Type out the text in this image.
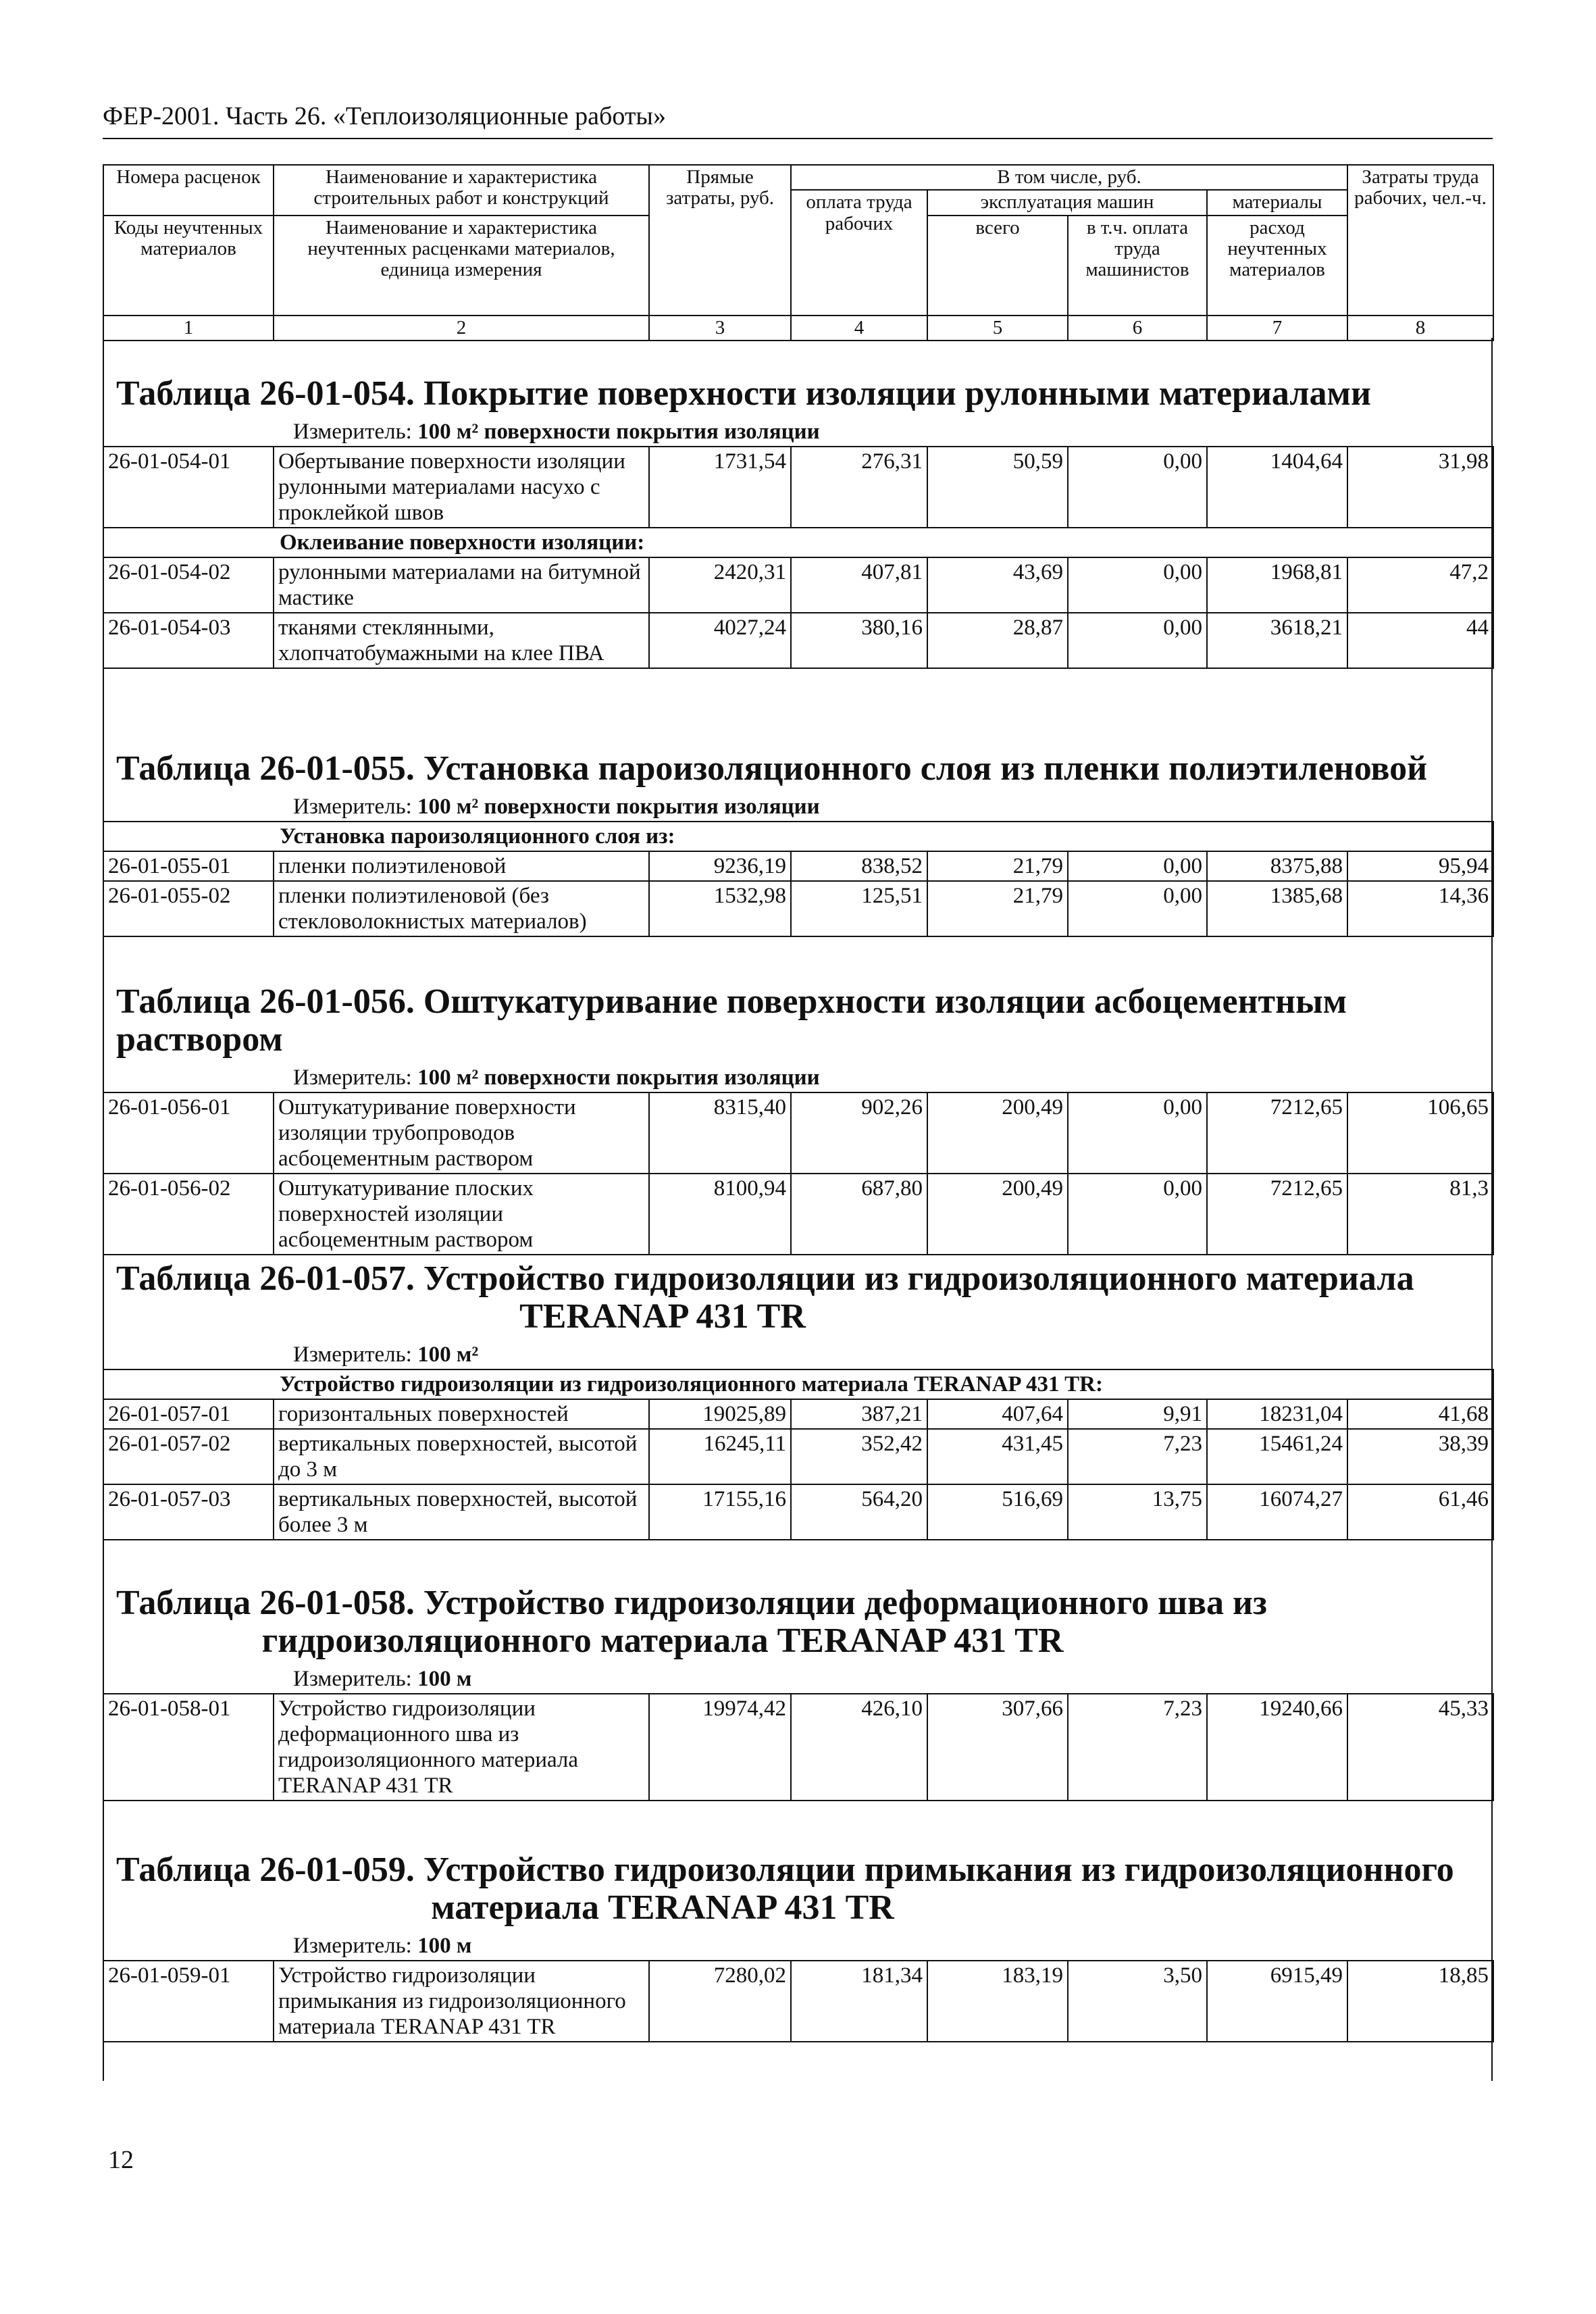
ФЕР-2001. Часть 26. «Теплоизоляционные работы»
Номера расценок	Наименование и характеристика строительных работ и конструкций	Прямые затраты, руб.	В том числе, руб.				Затраты труда рабочих, чел.-ч.
			оплата труда рабочих	эксплуатация машин		материалы	
Коды неучтенных материалов	Наименование и характеристика неучтенных расценками материалов, единица измерения			всего	в т.ч. оплата труда машинистов	расход неучтенных материалов	

1	2	3	4	5	6	7	8
Таблица 26-01-054. Покрытие поверхности изоляции рулонными материалами
Измеритель: 100 м² поверхности покрытия изоляции
26-01-054-01	Обертывание поверхности изоляции рулонными материалами насухо с проклейкой швов	1731,54	276,31	50,59	0,00	1404,64	31,98
Оклеивание поверхности изоляции:							
26-01-054-02	рулонными материалами на битумной мастике	2420,31	407,81	43,69	0,00	1968,81	47,2
26-01-054-03	тканями стеклянными, хлопчатобумажными на клее ПВА	4027,24	380,16	28,87	0,00	3618,21	44
Таблица 26-01-055. Установка пароизоляционного слоя из пленки полиэтиленовой
Измеритель: 100 м² поверхности покрытия изоляции
Установка пароизоляционного слоя из:							
26-01-055-01	пленки полиэтиленовой	9236,19	838,52	21,79	0,00	8375,88	95,94
26-01-055-02	пленки полиэтиленовой (без стекловолокнистых материалов)	1532,98	125,51	21,79	0,00	1385,68	14,36
Таблица 26-01-056. Оштукатуривание поверхности изоляции асбоцементным раствором
Измеритель: 100 м² поверхности покрытия изоляции
26-01-056-01	Оштукатуривание поверхности изоляции трубопроводов асбоцементным раствором	8315,40	902,26	200,49	0,00	7212,65	106,65
26-01-056-02	Оштукатуривание плоских поверхностей изоляции асбоцементным раствором	8100,94	687,80	200,49	0,00	7212,65	81,3
Таблица 26-01-057. Устройство гидроизоляции из гидроизоляционного материала
TERANAP 431 TR
Измеритель: 100 м²
Устройство гидроизоляции из гидроизоляционного материала TERANAP 431 TR:							
26-01-057-01	горизонтальных поверхностей	19025,89	387,21	407,64	9,91	18231,04	41,68
26-01-057-02	вертикальных поверхностей, высотой до 3 м	16245,11	352,42	431,45	7,23	15461,24	38,39
26-01-057-03	вертикальных поверхностей, высотой более 3 м	17155,16	564,20	516,69	13,75	16074,27	61,46
Таблица 26-01-058. Устройство гидроизоляции деформационного шва из
гидроизоляционного материала TERANAP 431 TR
Измеритель: 100 м
26-01-058-01	Устройство гидроизоляции деформационного шва из гидроизоляционного материала TERANAP 431 TR	19974,42	426,10	307,66	7,23	19240,66	45,33
Таблица 26-01-059. Устройство гидроизоляции примыкания из гидроизоляционного
материала TERANAP 431 TR
Измеритель: 100 м
26-01-059-01	Устройство гидроизоляции примыкания из гидроизоляционного материала TERANAP 431 TR	7280,02	181,34	183,19	3,50	6915,49	18,85
12
